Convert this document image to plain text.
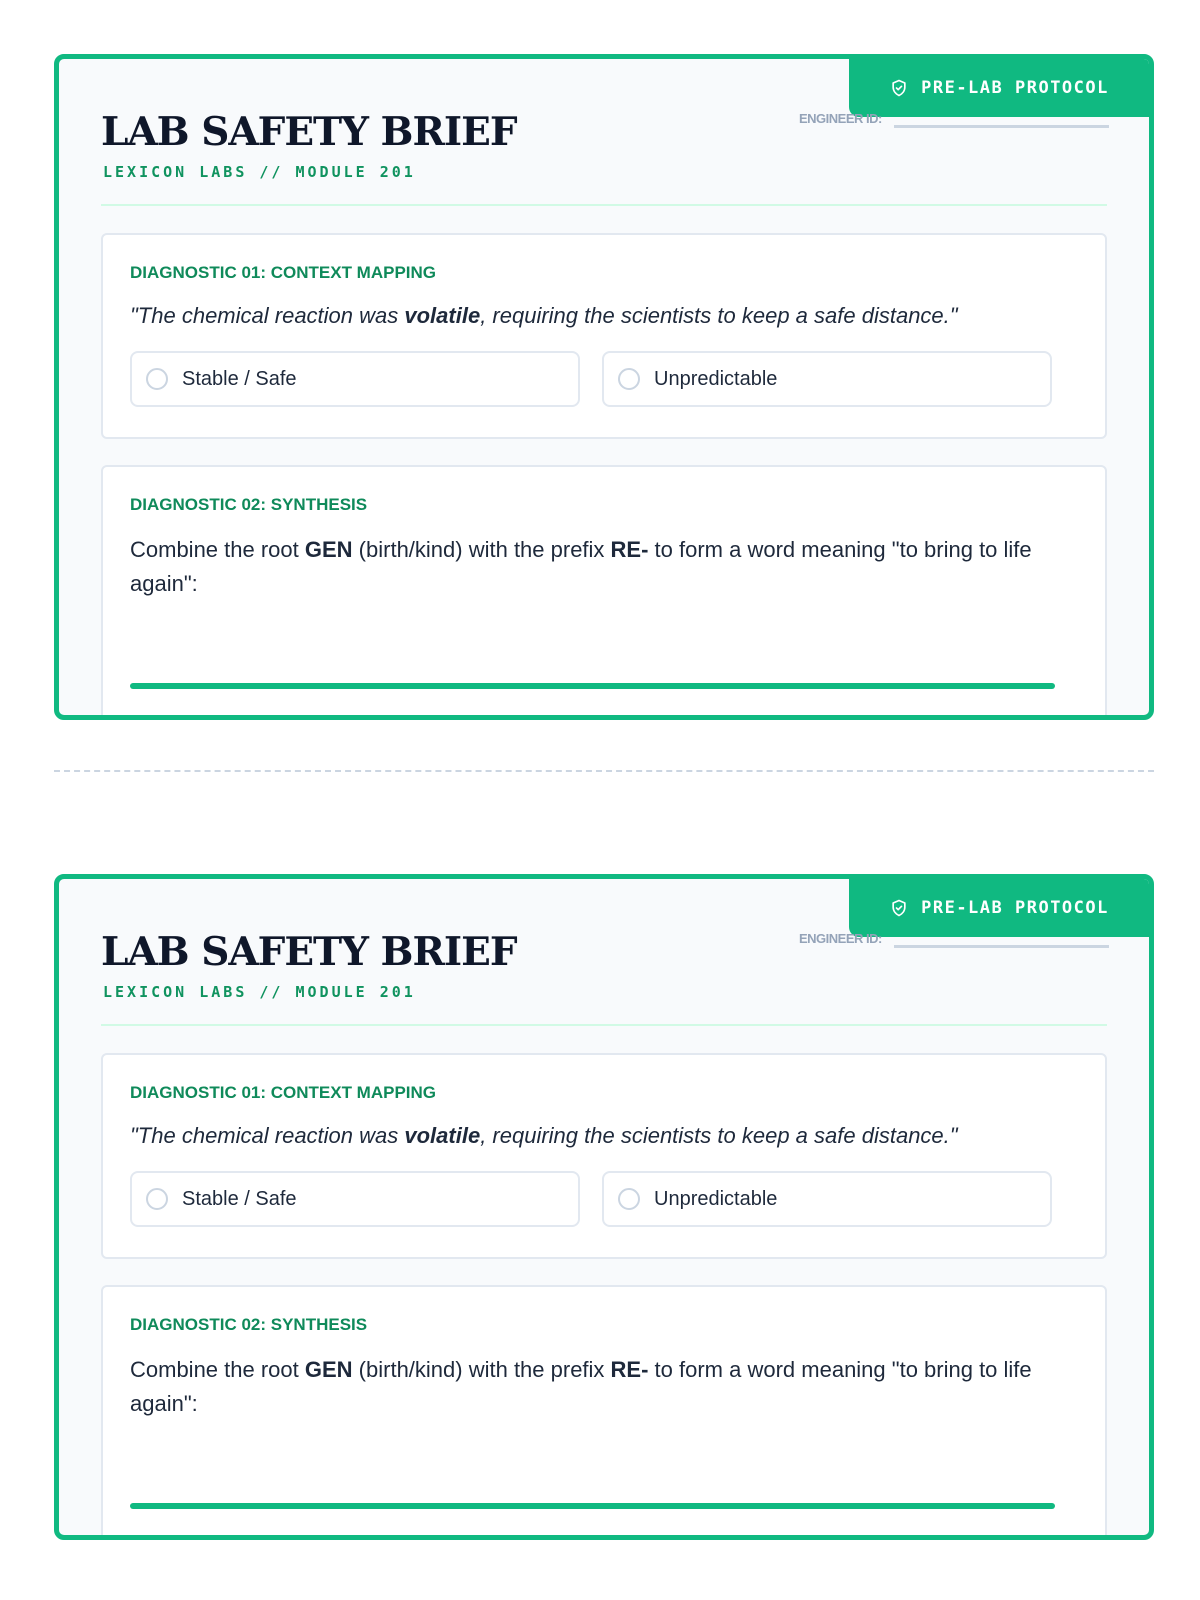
PRE-LAB PROTOCOL
ENGINEER ID:
LAB SAFETY BRIEF
LEXICON LABS // MODULE 201
DIAGNOSTIC 01: CONTEXT MAPPING
"The chemical reaction was volatile, requiring the scientists to keep a safe distance."
Stable / Safe	Unpredictable
DIAGNOSTIC 02: SYNTHESIS
Combine the root GEN (birth/kind) with the prefix RE- to form a word meaning "to bring to life again":
PRE-LAB PROTOCOL
ENGINEER ID:
LAB SAFETY BRIEF
LEXICON LABS // MODULE 201
DIAGNOSTIC 01: CONTEXT MAPPING
"The chemical reaction was volatile, requiring the scientists to keep a safe distance."
Stable / Safe	Unpredictable
DIAGNOSTIC 02: SYNTHESIS
Combine the root GEN (birth/kind) with the prefix RE- to form a word meaning "to bring to life again":
